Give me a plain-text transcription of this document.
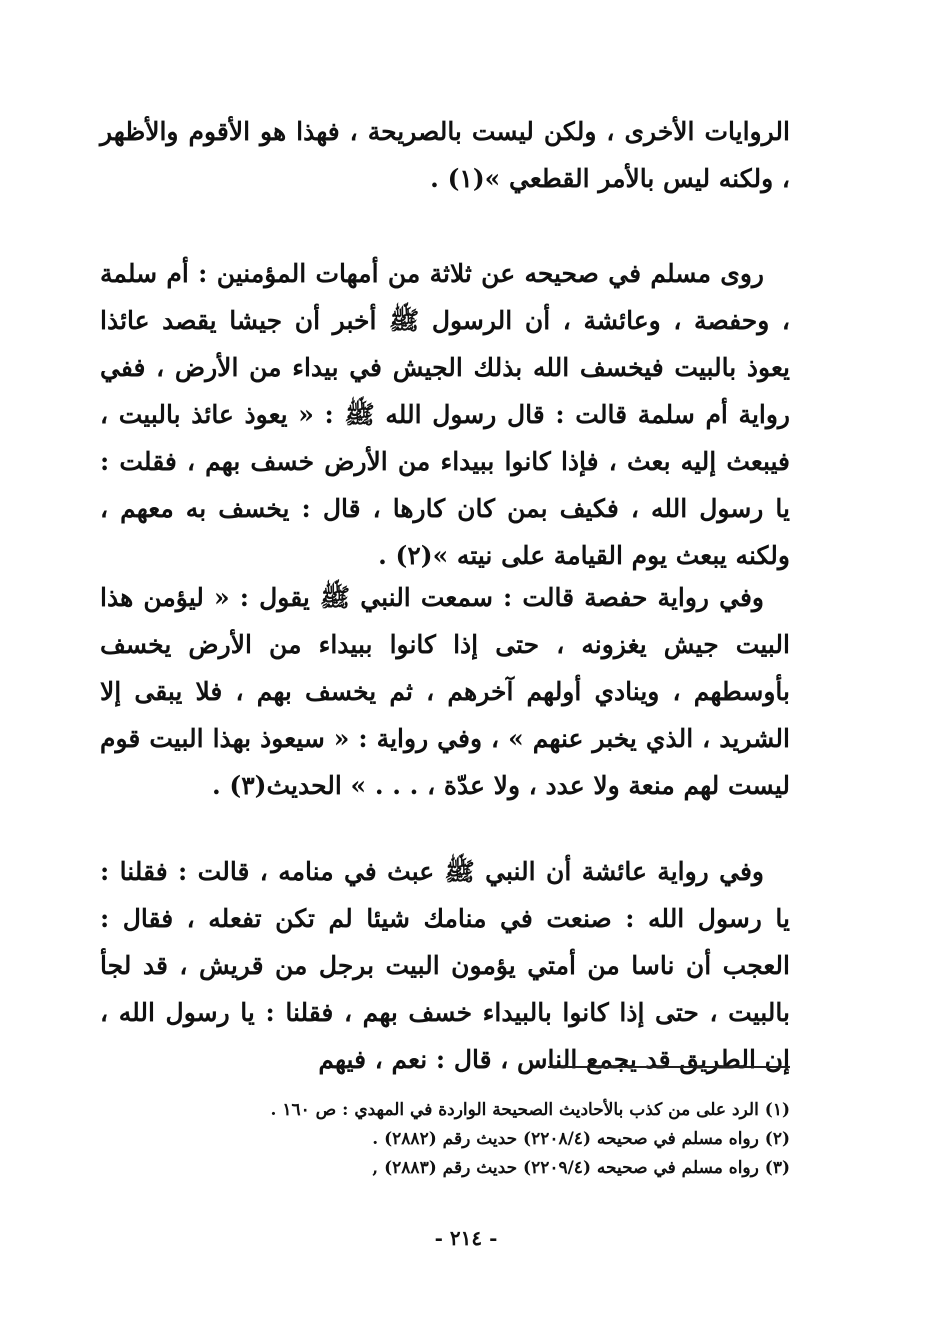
الروايات الأخرى ، ولكن ليست بالصريحة ، فهذا هو الأقوم والأظهر ، ولكنه ليس بالأمر القطعي »(١) .

روى مسلم في صحيحه عن ثلاثة من أمهات المؤمنين : أم سلمة ، وحفصة ، وعائشة ، أن الرسول ﷺ أخبر أن جيشا يقصد عائذا يعوذ بالبيت فيخسف الله بذلك الجيش في بيداء من الأرض ، ففي رواية أم سلمة قالت : قال رسول الله ﷺ : « يعوذ عائذ بالبيت ، فيبعث إليه بعث ، فإذا كانوا ببيداء من الأرض خسف بهم ، فقلت : يا رسول الله ، فكيف بمن كان كارها ، قال : يخسف به معهم ، ولكنه يبعث يوم القيامة على نيته »(٢) .

وفي رواية حفصة قالت : سمعت النبي ﷺ يقول : « ليؤمن هذا البيت جيش يغزونه ، حتى إذا كانوا ببيداء من الأرض يخسف بأوسطهم ، وينادي أولهم آخرهم ، ثم يخسف بهم ، فلا يبقى إلا الشريد ، الذي يخبر عنهم » ، وفي رواية : « سيعوذ بهذا البيت قوم ليست لهم منعة ولا عدد ، ولا عدّة ، . . . » الحديث(٣) .

وفي رواية عائشة أن النبي ﷺ عبث في منامه ، قالت : فقلنا : يا رسول الله : صنعت في منامك شيئا لم تكن تفعله ، فقال : العجب أن ناسا من أمتي يؤمون البيت برجل من قريش ، قد لجأ بالبيت ، حتى إذا كانوا بالبيداء خسف بهم ، فقلنا : يا رسول الله ، إن الطريق قد يجمع الناس ، قال : نعم ، فيهم

(١) الرد على من كذب بالأحاديث الصحيحة الواردة في المهدي : ص ١٦٠ .
(٢) رواه مسلم في صحيحه (٢٢٠٨/٤) حديث رقم (٢٨٨٢) .
(٣) رواه مسلم في صحيحه (٢٢٠٩/٤) حديث رقم (٢٨٨٣) ,
- ٢١٤ -
